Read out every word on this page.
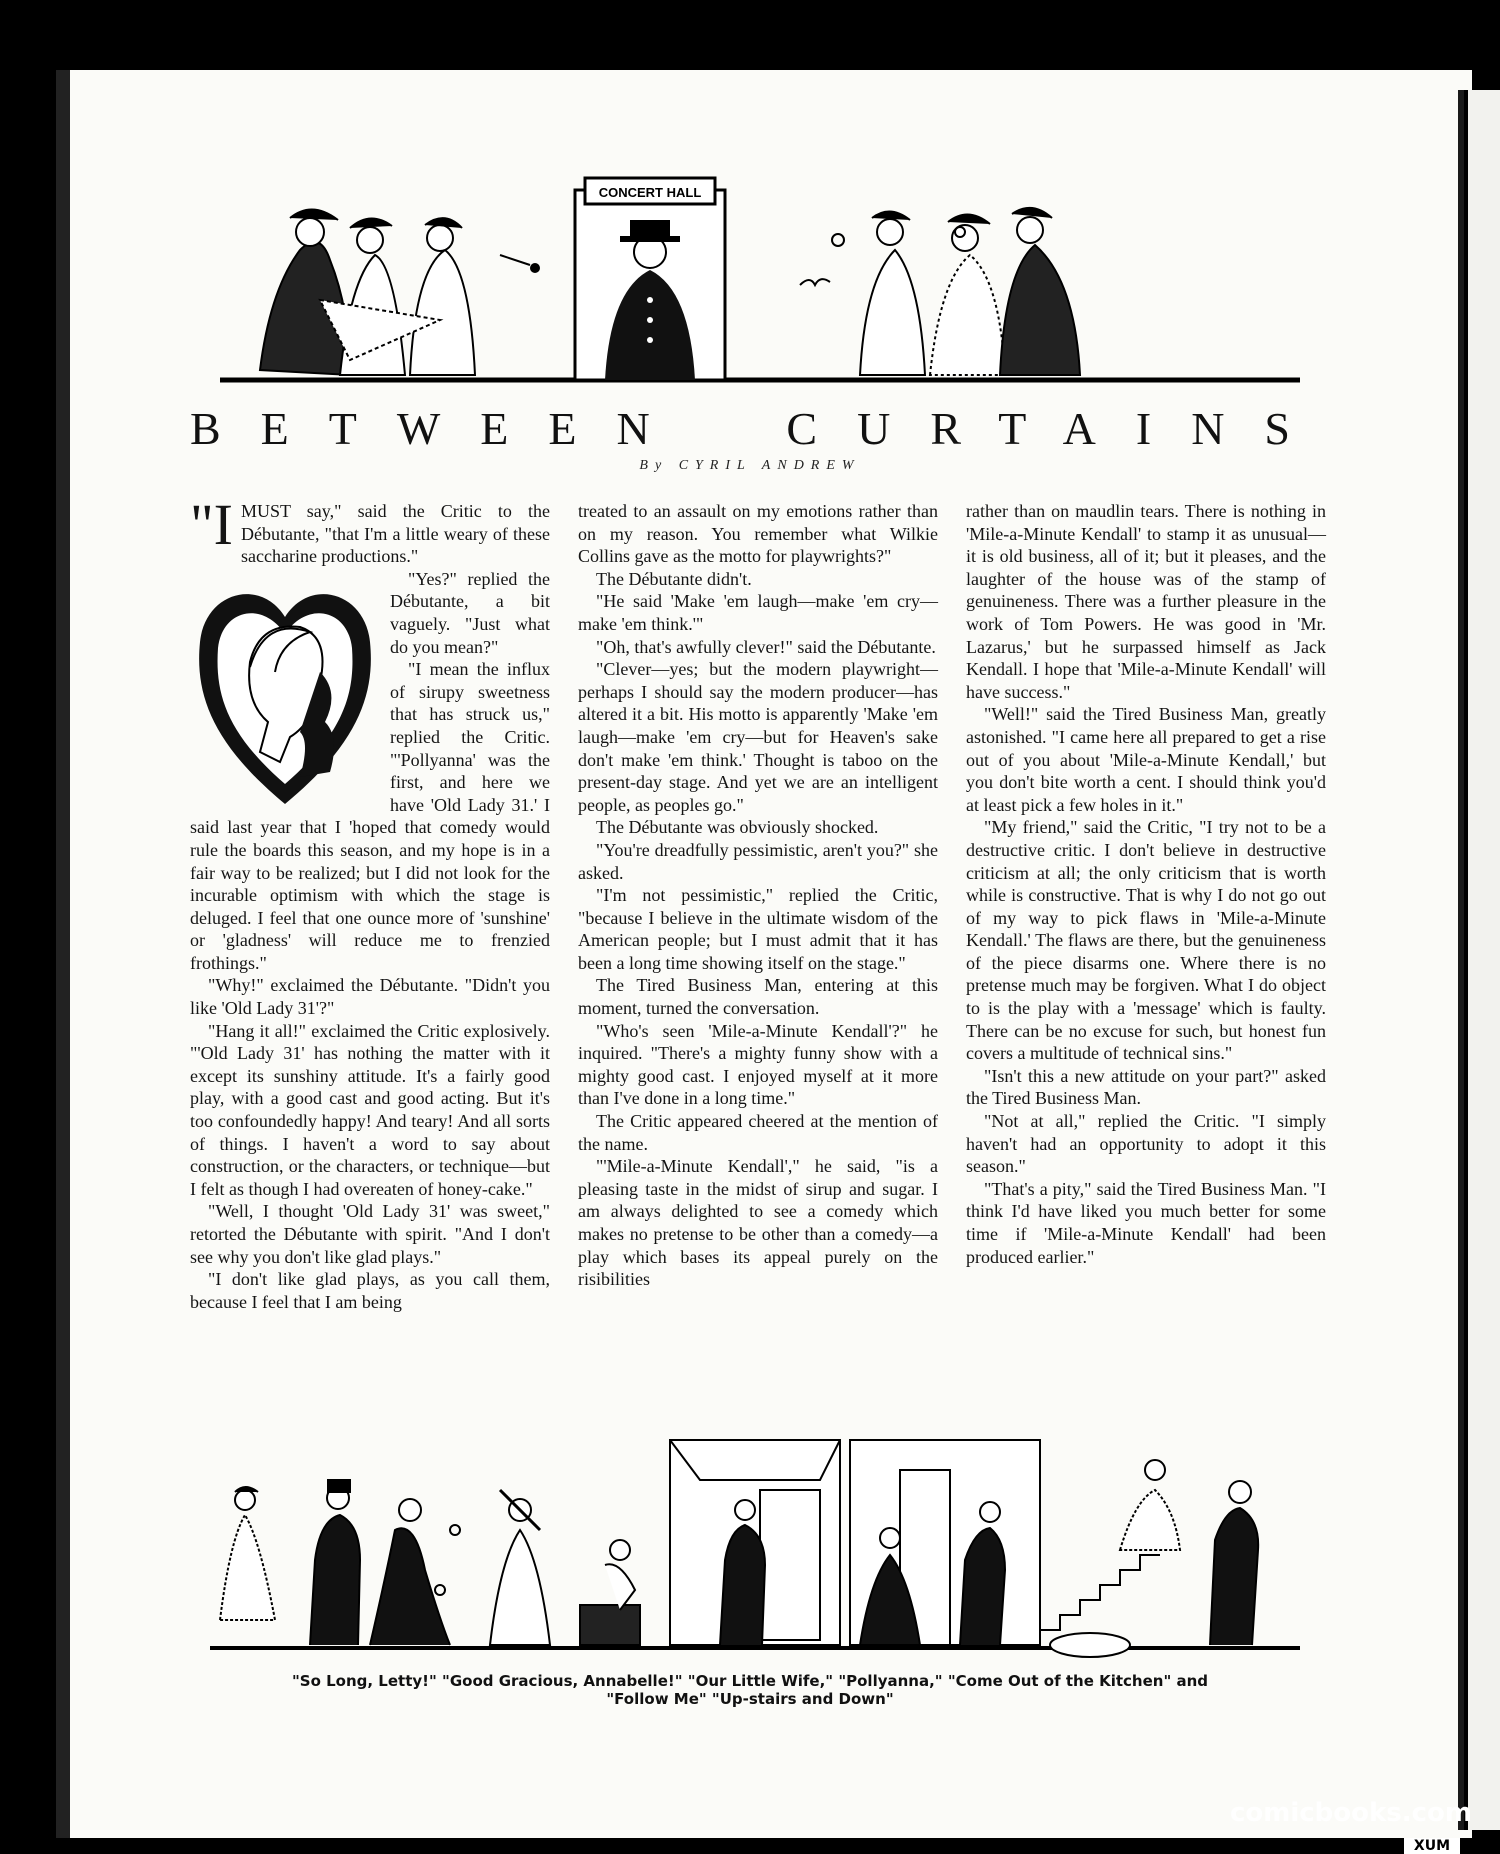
CONCERT HALL
BETWEEN CURTAINS
By CYRIL ANDREW
"I MUST say," said the Critic to the Débutante, "that I'm a little weary of these saccharine productions."

"Yes?" replied the Débutante, a bit vaguely. "Just what do you mean?"

"I mean the influx of sirupy sweetness that has struck us," replied the Critic. "'Pollyanna' was the first, and here we have 'Old Lady 31.' I said last year that I 'hoped that comedy would rule the boards this season, and my hope is in a fair way to be realized; but I did not look for the incurable optimism with which the stage is deluged. I feel that one ounce more of 'sunshine' or 'gladness' will reduce me to frenzied frothings."

"Why!" exclaimed the Débutante. "Didn't you like 'Old Lady 31'?"

"Hang it all!" exclaimed the Critic explosively. "'Old Lady 31' has nothing the matter with it except its sunshiny attitude. It's a fairly good play, with a good cast and good acting. But it's too confoundedly happy! And teary! And all sorts of things. I haven't a word to say about construction, or the characters, or technique—but I felt as though I had overeaten of honey-cake."

"Well, I thought 'Old Lady 31' was sweet," retorted the Débutante with spirit. "And I don't see why you don't like glad plays."

"I don't like glad plays, as you call them, because I feel that I am being

treated to an assault on my emotions rather than on my reason. You remember what Wilkie Collins gave as the motto for playwrights?"

The Débutante didn't.

"He said 'Make 'em laugh—make 'em cry—make 'em think.'"

"Oh, that's awfully clever!" said the Débutante.

"Clever—yes; but the modern playwright—perhaps I should say the modern producer—has altered it a bit. His motto is apparently 'Make 'em laugh—make 'em cry—but for Heaven's sake don't make 'em think.' Thought is taboo on the present-day stage. And yet we are an intelligent people, as peoples go."

The Débutante was obviously shocked.

"You're dreadfully pessimistic, aren't you?" she asked.

"I'm not pessimistic," replied the Critic, "because I believe in the ultimate wisdom of the American people; but I must admit that it has been a long time showing itself on the stage."

The Tired Business Man, entering at this moment, turned the conversation.

"Who's seen 'Mile-a-Minute Kendall'?" he inquired. "There's a mighty funny show with a mighty good cast. I enjoyed myself at it more than I've done in a long time."

The Critic appeared cheered at the mention of the name.

"'Mile-a-Minute Kendall'," he said, "is a pleasing taste in the midst of sirup and sugar. I am always delighted to see a comedy which makes no pretense to be other than a comedy—a play which bases its appeal purely on the risibilities

rather than on maudlin tears. There is nothing in 'Mile-a-Minute Kendall' to stamp it as unusual—it is old business, all of it; but it pleases, and the laughter of the house was of the stamp of genuineness. There was a further pleasure in the work of Tom Powers. He was good in 'Mr. Lazarus,' but he surpassed himself as Jack Kendall. I hope that 'Mile-a-Minute Kendall' will have success."

"Well!" said the Tired Business Man, greatly astonished. "I came here all prepared to get a rise out of you about 'Mile-a-Minute Kendall,' but you don't bite worth a cent. I should think you'd at least pick a few holes in it."

"My friend," said the Critic, "I try not to be a destructive critic. I don't believe in destructive criticism at all; the only criticism that is worth while is constructive. That is why I do not go out of my way to pick flaws in 'Mile-a-Minute Kendall.' The flaws are there, but the genuineness of the piece disarms one. Where there is no pretense much may be forgiven. What I do object to is the play with a 'message' which is faulty. There can be no excuse for such, but honest fun covers a multitude of technical sins."

"Isn't this a new attitude on your part?" asked the Tired Business Man.

"Not at all," replied the Critic. "I simply haven't had an opportunity to adopt it this season."

"That's a pity," said the Tired Business Man. "I think I'd have liked you much better for some time if 'Mile-a-Minute Kendall' had been produced earlier."

"So Long, Letty!" "Good Gracious, Annabelle!" "Our Little Wife," "Pollyanna," "Come Out of the Kitchen" and
"Follow Me" "Up-stairs and Down"
comicbooks.com
XUM
